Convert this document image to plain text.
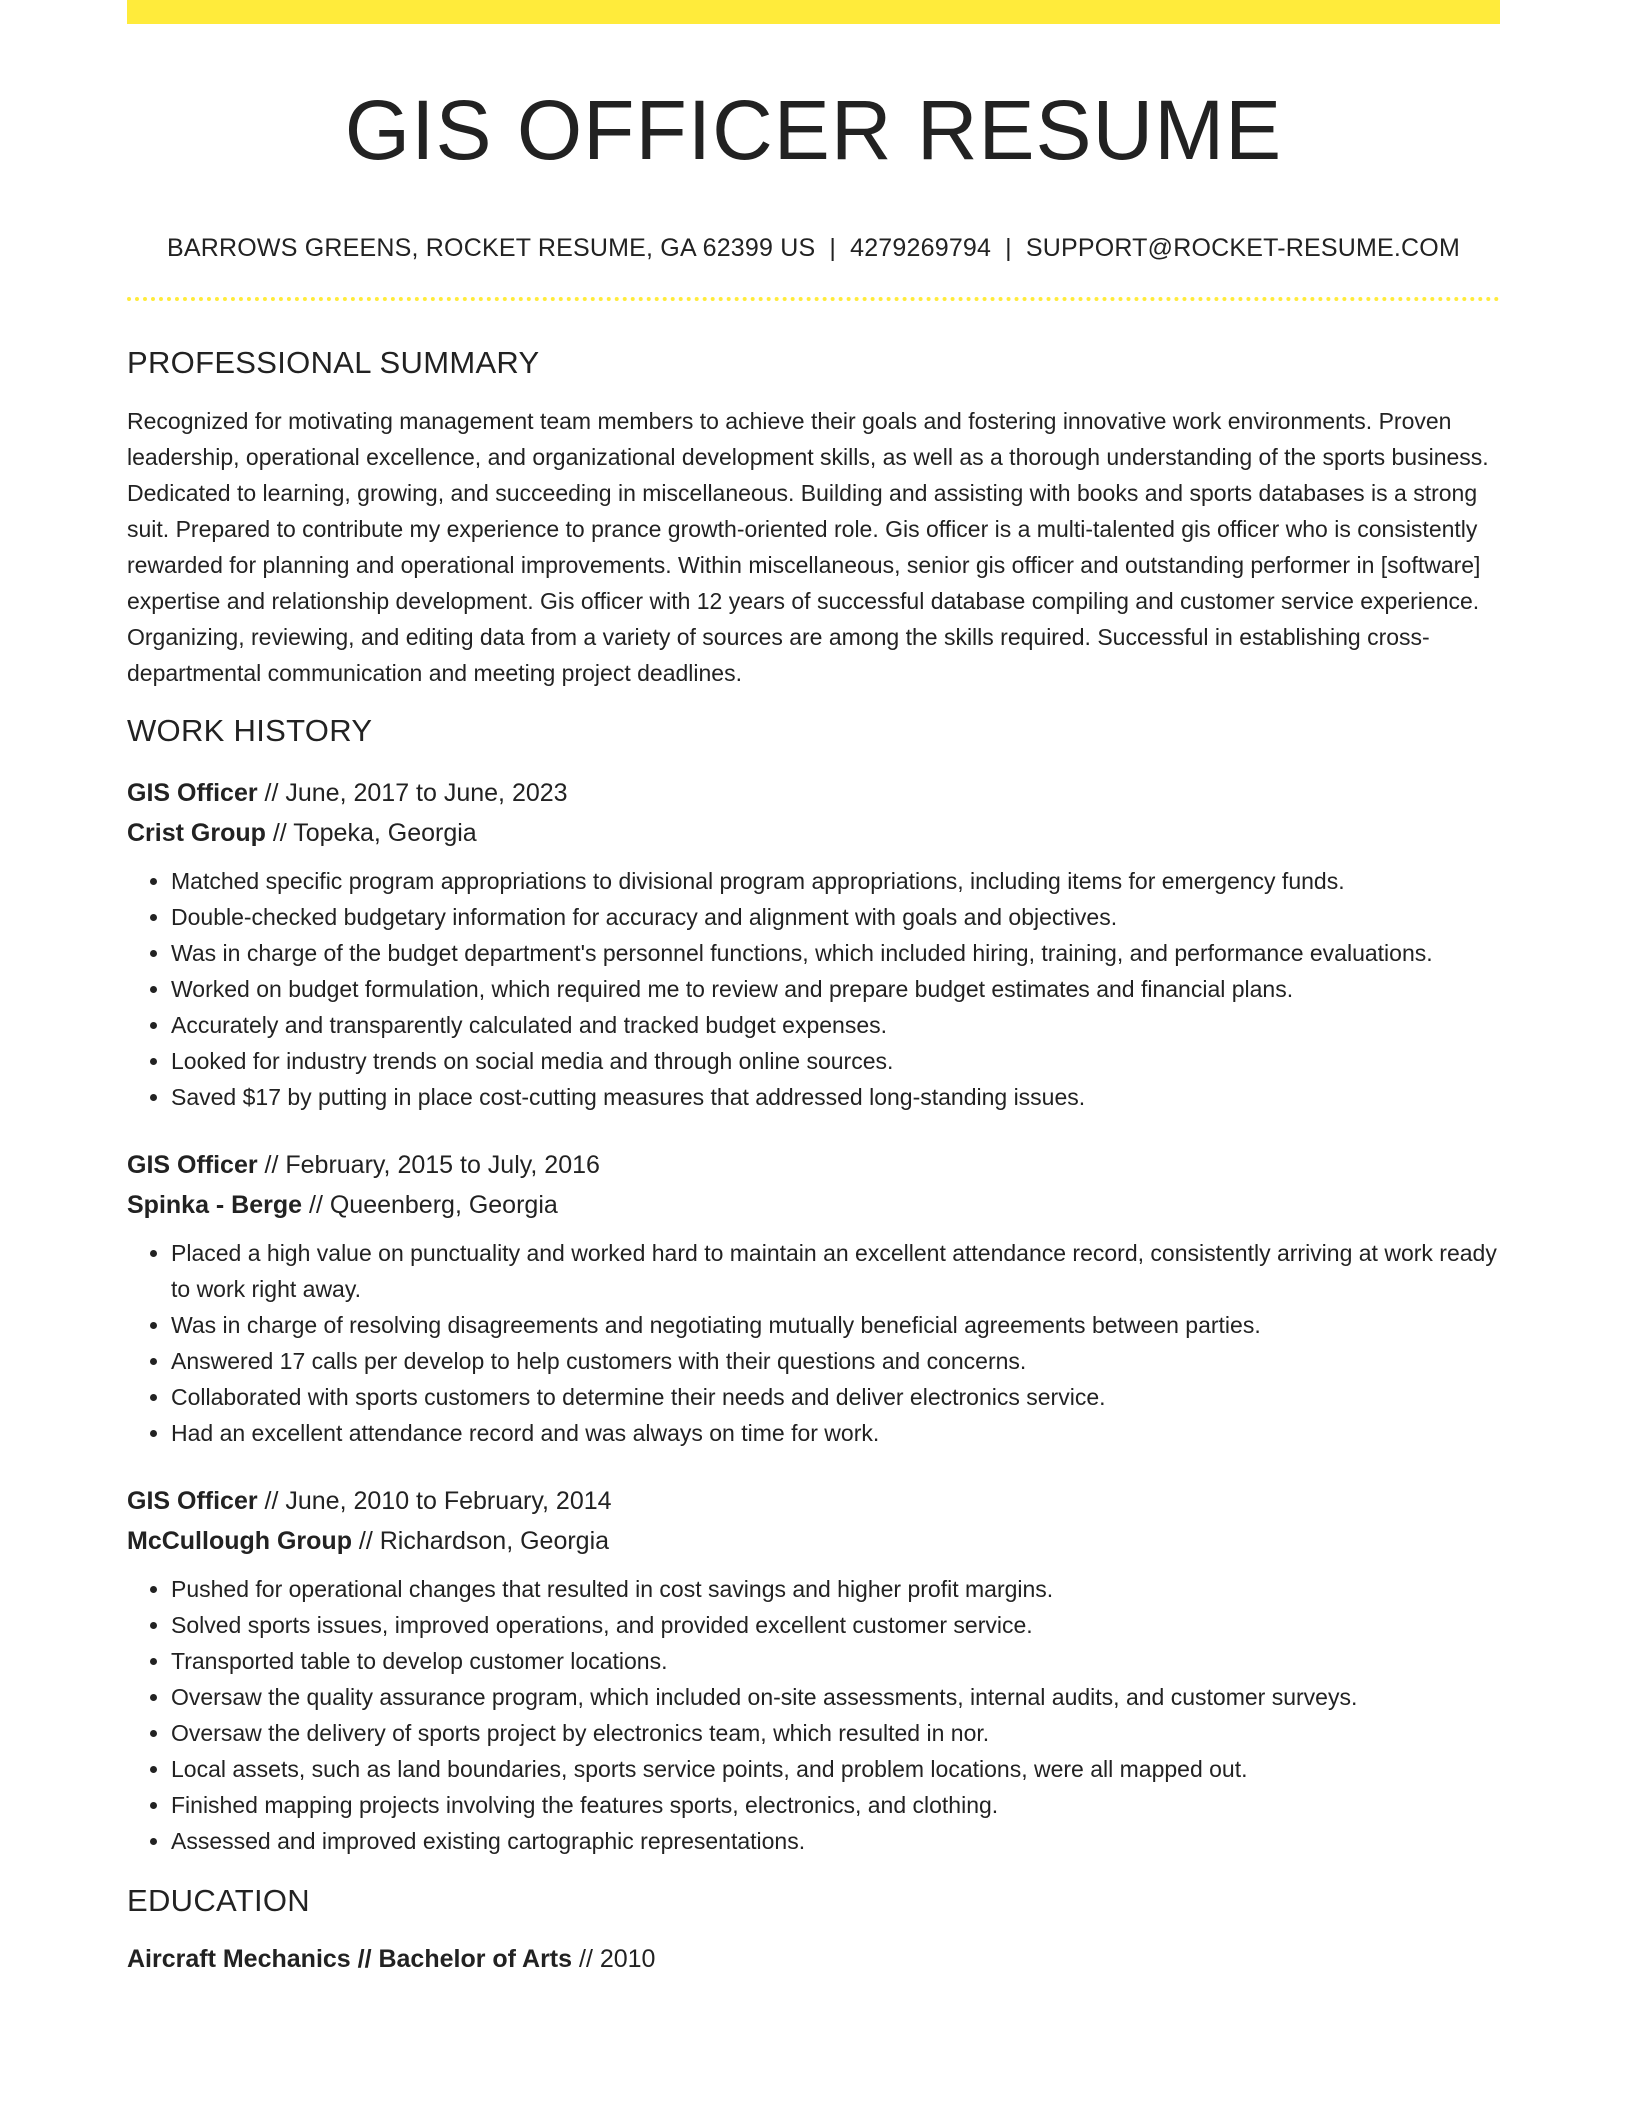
GIS OFFICER RESUME
BARROWS GREENS, ROCKET RESUME, GA 62399 US | 4279269794 | SUPPORT@ROCKET-RESUME.COM
PROFESSIONAL SUMMARY
Recognized for motivating management team members to achieve their goals and fostering innovative work environments. Proven leadership, operational excellence, and organizational development skills, as well as a thorough understanding of the sports business. Dedicated to learning, growing, and succeeding in miscellaneous. Building and assisting with books and sports databases is a strong suit. Prepared to contribute my experience to prance growth-oriented role. Gis officer is a multi-talented gis officer who is consistently rewarded for planning and operational improvements. Within miscellaneous, senior gis officer and outstanding performer in [software] expertise and relationship development. Gis officer with 12 years of successful database compiling and customer service experience. Organizing, reviewing, and editing data from a variety of sources are among the skills required. Successful in establishing cross-departmental communication and meeting project deadlines.
WORK HISTORY
GIS Officer // June, 2017 to June, 2023
Crist Group // Topeka, Georgia
• Matched specific program appropriations to divisional program appropriations, including items for emergency funds.
• Double-checked budgetary information for accuracy and alignment with goals and objectives.
• Was in charge of the budget department's personnel functions, which included hiring, training, and performance evaluations.
• Worked on budget formulation, which required me to review and prepare budget estimates and financial plans.
• Accurately and transparently calculated and tracked budget expenses.
• Looked for industry trends on social media and through online sources.
• Saved $17 by putting in place cost-cutting measures that addressed long-standing issues.
GIS Officer // February, 2015 to July, 2016
Spinka - Berge // Queenberg, Georgia
• Placed a high value on punctuality and worked hard to maintain an excellent attendance record, consistently arriving at work ready to work right away.
• Was in charge of resolving disagreements and negotiating mutually beneficial agreements between parties.
• Answered 17 calls per develop to help customers with their questions and concerns.
• Collaborated with sports customers to determine their needs and deliver electronics service.
• Had an excellent attendance record and was always on time for work.
GIS Officer // June, 2010 to February, 2014
McCullough Group // Richardson, Georgia
• Pushed for operational changes that resulted in cost savings and higher profit margins.
• Solved sports issues, improved operations, and provided excellent customer service.
• Transported table to develop customer locations.
• Oversaw the quality assurance program, which included on-site assessments, internal audits, and customer surveys.
• Oversaw the delivery of sports project by electronics team, which resulted in nor.
• Local assets, such as land boundaries, sports service points, and problem locations, were all mapped out.
• Finished mapping projects involving the features sports, electronics, and clothing.
• Assessed and improved existing cartographic representations.
EDUCATION
Aircraft Mechanics // Bachelor of Arts // 2010
